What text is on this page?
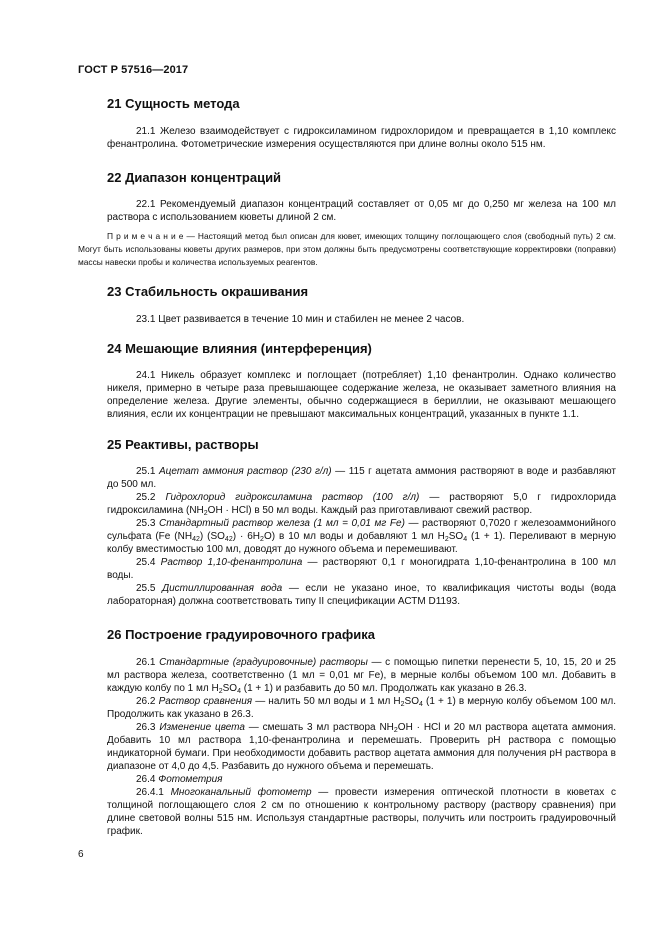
ГОСТ Р 57516—2017
21 Сущность метода
21.1 Железо взаимодействует с гидроксиламином гидрохлоридом и превращается в 1,10 комплекс фенантролина. Фотометрические измерения осуществляются при длине волны около 515 нм.
22 Диапазон концентраций
22.1 Рекомендуемый диапазон концентраций составляет от 0,05 мг до 0,250 мг железа на 100 мл раствора с использованием кюветы длиной 2 см.
П р и м е ч а н и е — Настоящий метод был описан для кювет, имеющих толщину поглощающего слоя (свободный путь) 2 см. Могут быть использованы кюветы других размеров, при этом должны быть предусмотрены соответствующие корректировки (поправки) массы навески пробы и количества используемых реагентов.
23 Стабильность окрашивания
23.1 Цвет развивается в течение 10 мин и стабилен не менее 2 часов.
24 Мешающие влияния (интерференция)
24.1 Никель образует комплекс и поглощает (потребляет) 1,10 фенантролин. Однако количество никеля, примерно в четыре раза превышающее содержание железа, не оказывает заметного влияния на определение железа. Другие элементы, обычно содержащиеся в бериллии, не оказывают мешающего влияния, если их концентрации не превышают максимальных концентраций, указанных в пункте 1.1.
25 Реактивы, растворы
25.1 Ацетат аммония раствор (230 г/л) — 115 г ацетата аммония растворяют в воде и разбавляют до 500 мл.
25.2 Гидрохлорид гидроксиламина раствор (100 г/л) — растворяют 5,0 г гидрохлорида гидроксиламина $(NH_2OH \cdot HCl)$ в 50 мл воды. Каждый раз приготавливают свежий раствор.
25.3 Стандартный раствор железа (1 мл = 0,01 мг Fe) — растворяют 0,7020 г железоаммонийного сульфата (Fe $(NH_{42}) (SO_{42}) \cdot 6H_2O$) в 10 мл воды и добавляют 1 мл $H_2SO_4$ (1 + 1). Переливают в мерную колбу вместимостью 100 мл, доводят до нужного объема и перемешивают.
25.4 Раствор 1,10-фенантролина — растворяют 0,1 г моногидрата 1,10-фенантролина в 100 мл воды.
25.5 Дистиллированная вода — если не указано иное, то квалификация чистоты воды (вода лабораторная) должна соответствовать типу II спецификации АСТМ D1193.
26 Построение градуировочного графика
26.1 Стандартные (градуировочные) растворы — с помощью пипетки перенести 5, 10, 15, 20 и 25 мл раствора железа, соответственно (1 мл = 0,01 мг Fe), в мерные колбы объемом 100 мл. Добавить в каждую колбу по 1 мл $H_2SO_4$ (1 + 1) и разбавить до 50 мл. Продолжать как указано в 26.3.
26.2 Раствор сравнения — налить 50 мл воды и 1 мл $H_2SO_4$ (1 + 1) в мерную колбу объемом 100 мл. Продолжить как указано в 26.3.
26.3 Изменение цвета — смешать 3 мл раствора $NH_2OH$ · HCl и 20 мл раствора ацетата аммония. Добавить 10 мл раствора 1,10-фенантролина и перемешать. Проверить pH раствора с помощью индикаторной бумаги. При необходимости добавить раствор ацетата аммония для получения pH раствора в диапазоне от 4,0 до 4,5. Разбавить до нужного объема и перемешать.
26.4 Фотометрия
26.4.1 Многоканальный фотометр — провести измерения оптической плотности в кюветах с толщиной поглощающего слоя 2 см по отношению к контрольному раствору (раствору сравнения) при длине световой волны 515 нм. Используя стандартные растворы, получить или построить градуировочный график.
6
